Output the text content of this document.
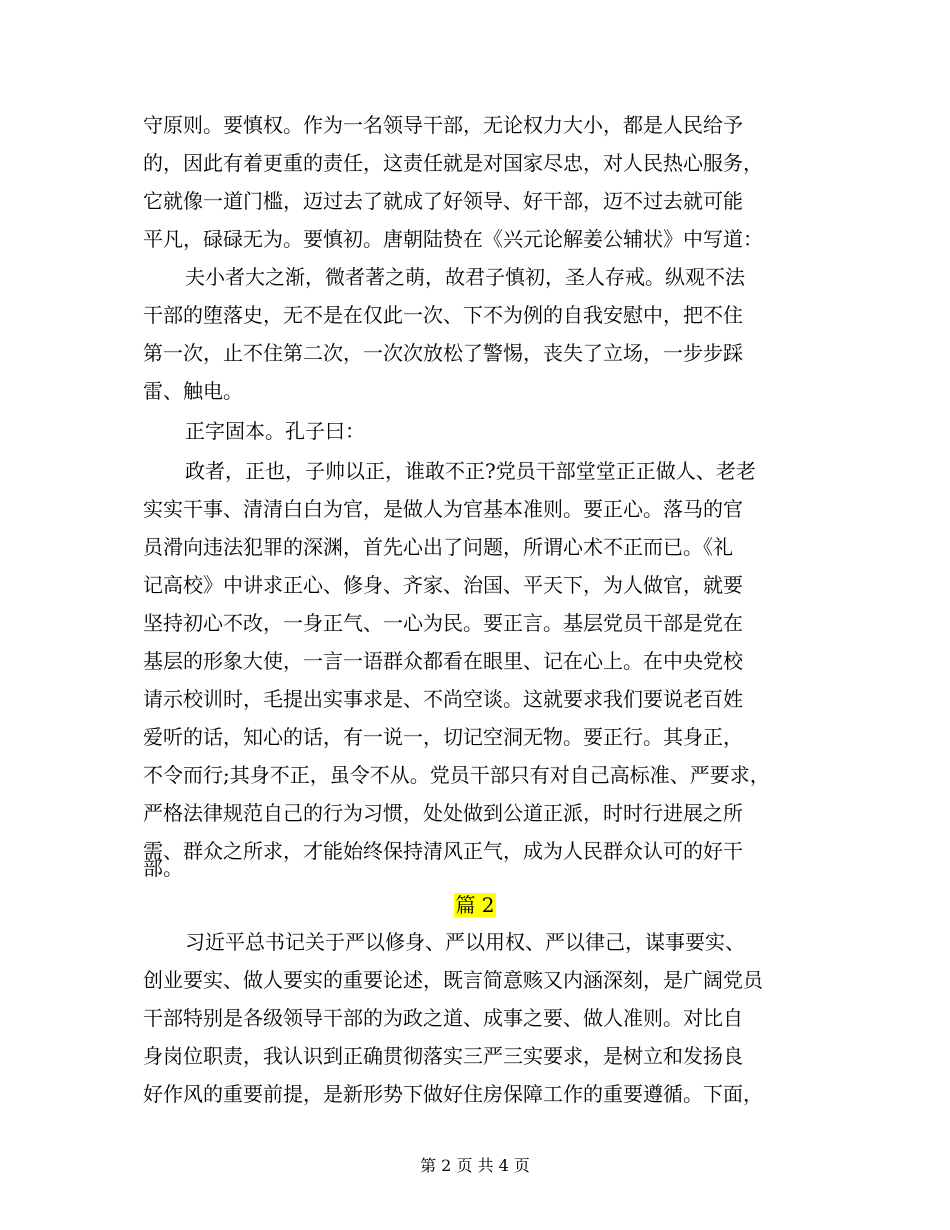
守原则。要慎权。作为一名领导干部，无论权力大小，都是人民给予
的，因此有着更重的责任，这责任就是对国家尽忠，对人民热心服务，
它就像一道门槛，迈过去了就成了好领导、好干部，迈不过去就可能
平凡，碌碌无为。要慎初。唐朝陆贽在《兴元论解姜公辅状》中写道：
夫小者大之渐，微者著之萌，故君子慎初，圣人存戒。纵观不法
干部的堕落史，无不是在仅此一次、下不为例的自我安慰中，把不住
第一次，止不住第二次，一次次放松了警惕，丧失了立场，一步步踩
雷、触电。
正字固本。孔子曰：
政者，正也，子帅以正，谁敢不正?党员干部堂堂正正做人、老老
实实干事、清清白白为官，是做人为官基本准则。要正心。落马的官
员滑向违法犯罪的深渊，首先心出了问题，所谓心术不正而已。《礼
记高校》中讲求正心、修身、齐家、治国、平天下，为人做官，就要
坚持初心不改，一身正气、一心为民。要正言。基层党员干部是党在
基层的形象大使，一言一语群众都看在眼里、记在心上。在中央党校
请示校训时，毛提出实事求是、不尚空谈。这就要求我们要说老百姓
爱听的话，知心的话，有一说一，切记空洞无物。要正行。其身正，
不令而行;其身不正，虽令不从。党员干部只有对自己高标准、严要求，
严格法律规范自己的行为习惯，处处做到公道正派，时时行进展之所
需、群众之所求，才能始终保持清风正气，成为人民群众认可的好干
部。
篇 2
习近平总书记关于严以修身、严以用权、严以律己，谋事要实、
创业要实、做人要实的重要论述，既言简意赅又内涵深刻，是广阔党员
干部特别是各级领导干部的为政之道、成事之要、做人准则。对比自
身岗位职责，我认识到正确贯彻落实三严三实要求，是树立和发扬良
好作风的重要前提，是新形势下做好住房保障工作的重要遵循。下面，
第 2 页 共 4 页
